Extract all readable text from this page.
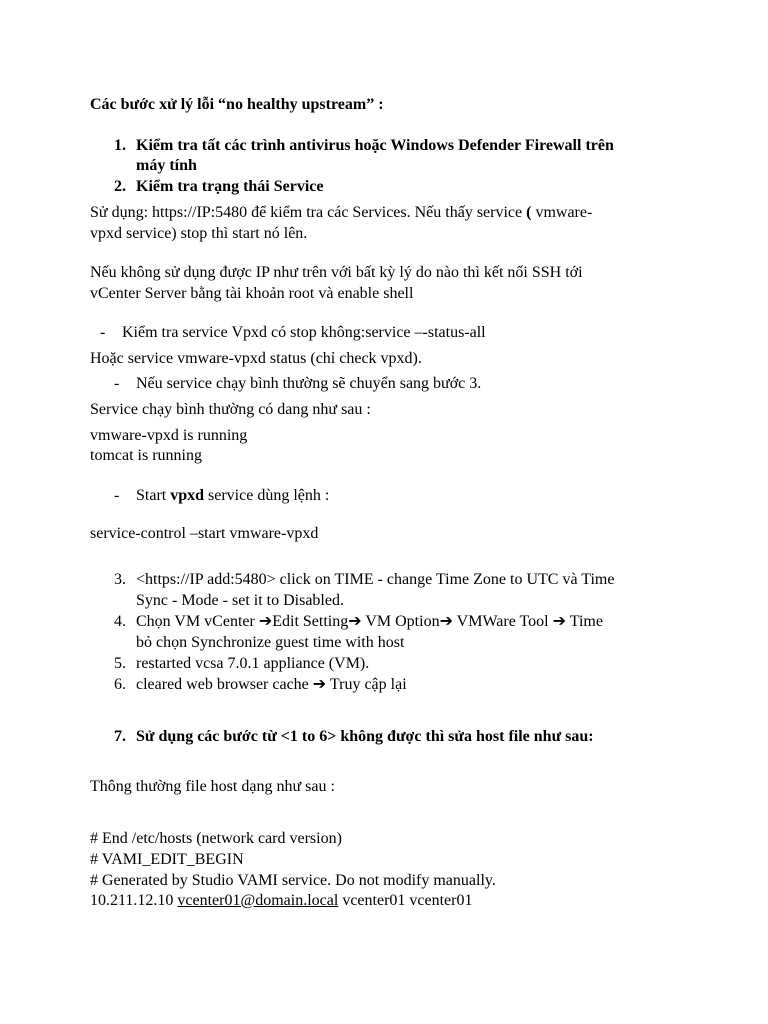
Các bước xử lý lỗi “no healthy upstream” :
1. Kiểm tra tất các trình antivirus hoặc Windows Defender Firewall trên
máy tính
2. Kiểm tra trạng thái Service
Sử dụng: https://IP:5480 để kiểm tra các Services. Nếu thấy service ( vmware-
vpxd service) stop thì start nó lên.
Nếu không sử dụng được IP như trên với bất kỳ lý do nào thì kết nối SSH tới
vCenter Server bằng tài khoản root và enable shell
- Kiểm tra service Vpxd có stop không:service –-status-all
Hoặc service vmware-vpxd status (chỉ check vpxd).
- Nếu service chạy bình thường sẽ chuyển sang bước 3.
Service chạy bình thường có dang như sau :
vmware-vpxd is running
tomcat is running
- Start vpxd service dùng lệnh :
service-control –start vmware-vpxd
3. <https://IP add:5480> click on TIME - change Time Zone to UTC và Time
Sync - Mode - set it to Disabled.
4. Chọn VM vCenter ➔Edit Setting➔ VM Option➔ VMWare Tool ➔ Time
bỏ chọn Synchronize guest time with host
5. restarted vcsa 7.0.1 appliance (VM).
6. cleared web browser cache ➔ Truy cập lại
7. Sử dụng các bước từ <1 to 6> không được thì sửa host file như sau:
Thông thường file host dạng như sau :
# End /etc/hosts (network card version)
# VAMI_EDIT_BEGIN
# Generated by Studio VAMI service. Do not modify manually.
10.211.12.10 vcenter01@domain.local vcenter01 vcenter01
